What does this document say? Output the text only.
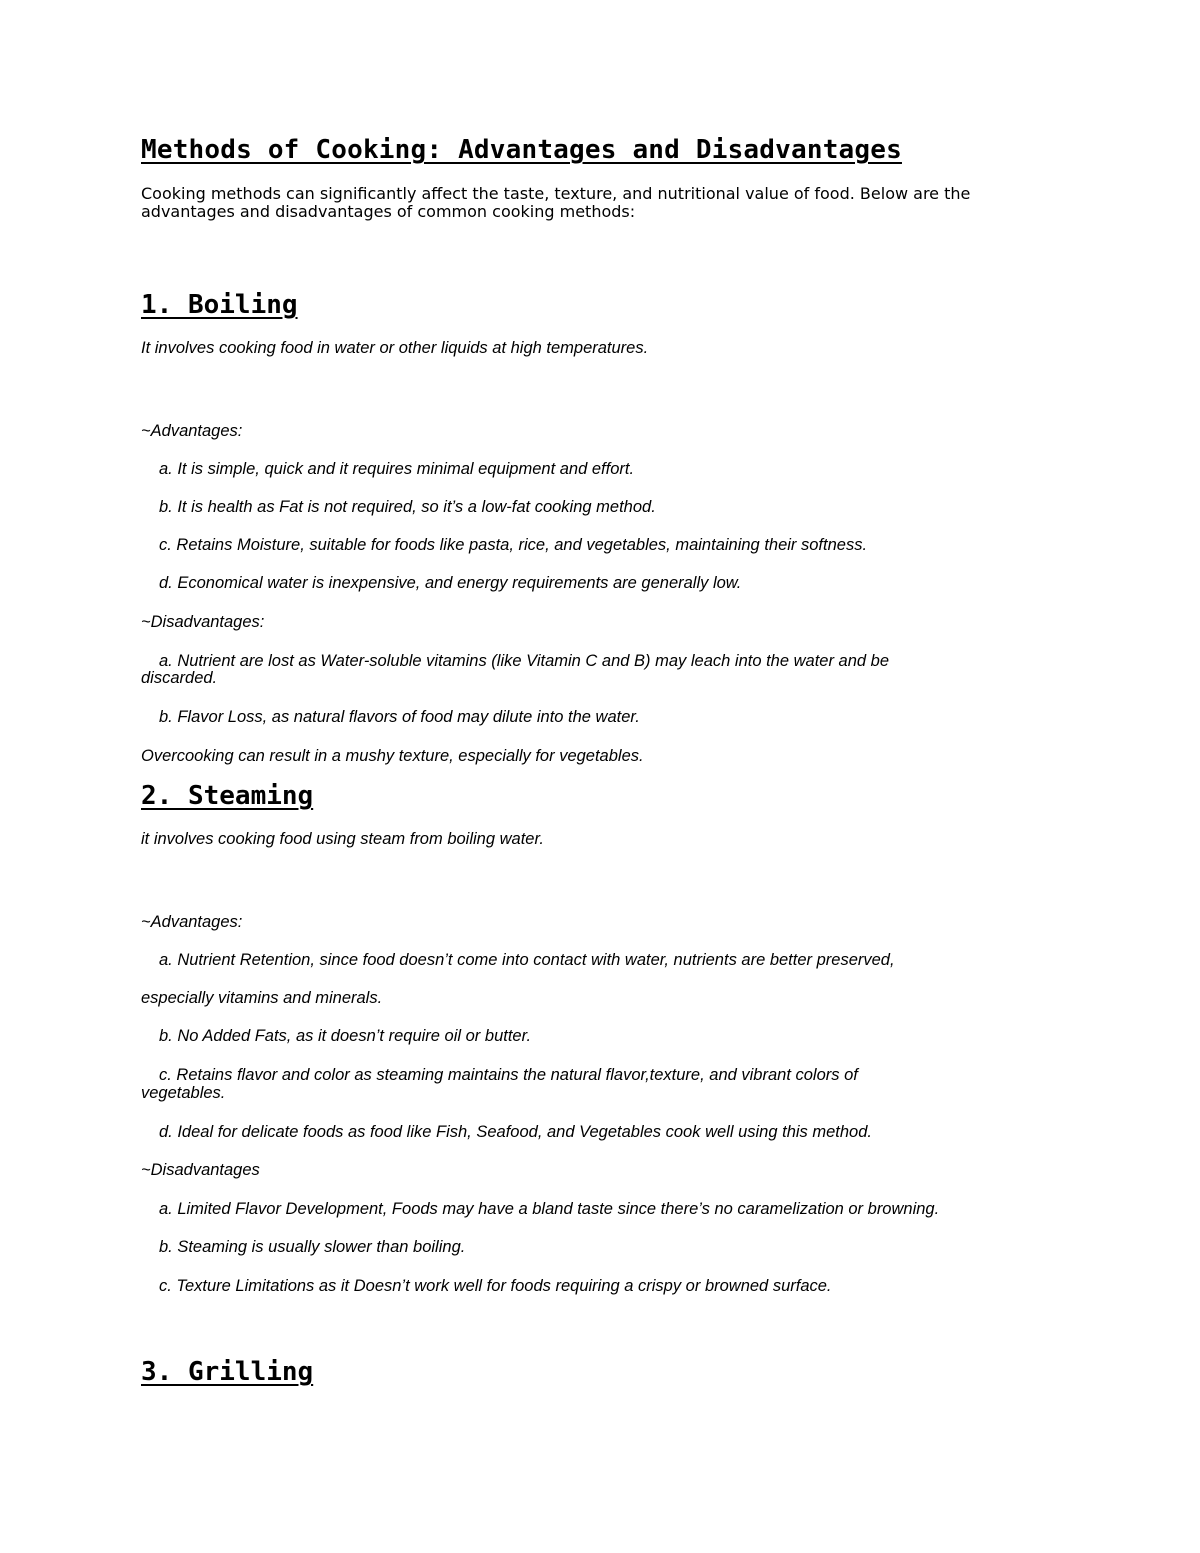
Methods of Cooking: Advantages and Disadvantages

Cooking methods can significantly affect the taste, texture, and nutritional value of food. Below are the

advantages and disadvantages of common cooking methods:

1. Boiling

It involves cooking food in water or other liquids at high temperatures.

~Advantages:

a. It is simple, quick and it requires minimal equipment and effort.

b. It is health as Fat is not required, so it’s a low-fat cooking method.

c. Retains Moisture, suitable for foods like pasta, rice, and vegetables, maintaining their softness.

d. Economical water is inexpensive, and energy requirements are generally low.

~Disadvantages:

a. Nutrient are lost as Water-soluble vitamins (like Vitamin C and B) may leach into the water and be

discarded.

b. Flavor Loss, as natural flavors of food may dilute into the water.

Overcooking can result in a mushy texture, especially for vegetables.

2. Steaming

it involves cooking food using steam from boiling water.

~Advantages:

a. Nutrient Retention, since food doesn’t come into contact with water, nutrients are better preserved,

especially vitamins and minerals.

b. No Added Fats, as it doesn’t require oil or butter.

c. Retains flavor and color as steaming maintains the natural flavor,texture, and vibrant colors of

vegetables.

d. Ideal for delicate foods as food like Fish, Seafood, and Vegetables cook well using this method.

~Disadvantages

a. Limited Flavor Development, Foods may have a bland taste since there’s no caramelization or browning.

b. Steaming is usually slower than boiling.

c. Texture Limitations as it Doesn’t work well for foods requiring a crispy or browned surface.

3. Grilling
